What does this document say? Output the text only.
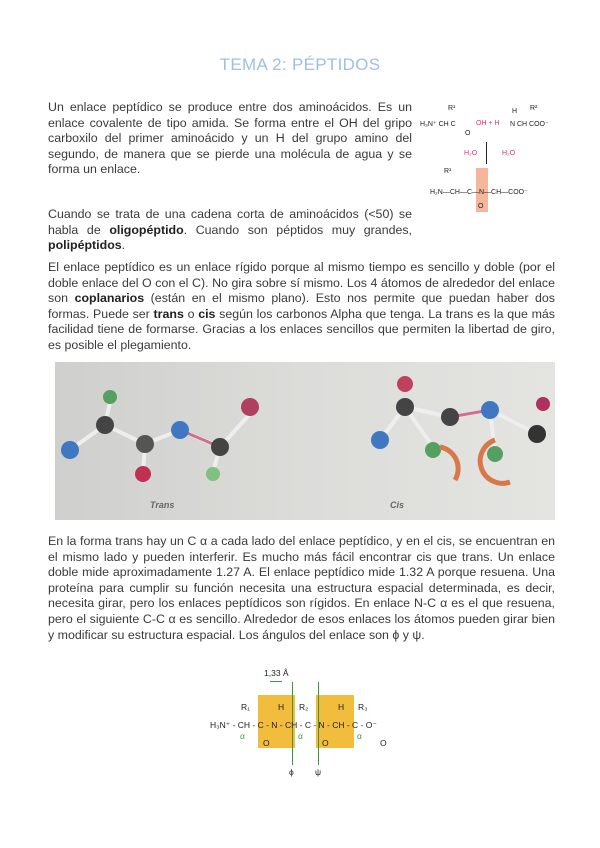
TEMA 2: PÉPTIDOS
Un enlace peptídico se produce entre dos aminoácidos. Es un enlace covalente de tipo amida. Se forma entre el OH del gripo carboxilo del primer aminoácido y un H del grupo amino del segundo, de manera que se pierde una molécula de agua y se forma un enlace.
R¹
H₃N⁺ CH C
O
OH + H N CH COO⁻
H R²
H₂O	H₂O
R¹
H₂N—CH—C—N—CH—COO⁻
O
Cuando se trata de una cadena corta de aminoácidos (<50) se habla de oligopéptido. Cuando son péptidos muy grandes, polipéptidos.
El enlace peptídico es un enlace rígido porque al mismo tiempo es sencillo y doble (por el doble enlace del O con el C). No gira sobre sí mismo. Los 4 átomos de alrededor del enlace son coplanarios (están en el mismo plano). Esto nos permite que puedan haber dos formas. Puede ser trans o cis según los carbonos Alpha que tenga. La trans es la que más facilidad tiene de formarse. Gracias a los enlaces sencillos que permiten la libertad de giro, es posible el plegamiento.
Trans	Cis
En la forma trans hay un C α a cada lado del enlace peptídico, y en el cis, se encuentran en el mismo lado y pueden interferir. Es mucho más fácil encontrar cis que trans. Un enlace doble mide aproximadamente 1.27 A. El enlace peptídico mide 1.32 A porque resuena. Una proteína para cumplir su función necesita una estructura espacial determinada, es decir, necesita girar, pero los enlaces peptídicos son rígidos. En enlace N-C α es el que resuena, pero el siguiente C-C α es sencillo. Alrededor de esos enlaces los átomos pueden girar bien y modificar su estructura espacial. Los ángulos del enlace son ϕ y ψ.
1,33 Å
R₁	R₂	R₃
H	H
H₃N⁺ - CH - C - N - CH - C - N - CH - C - O⁻
α	α	α
O	O	O
ϕ ψ
